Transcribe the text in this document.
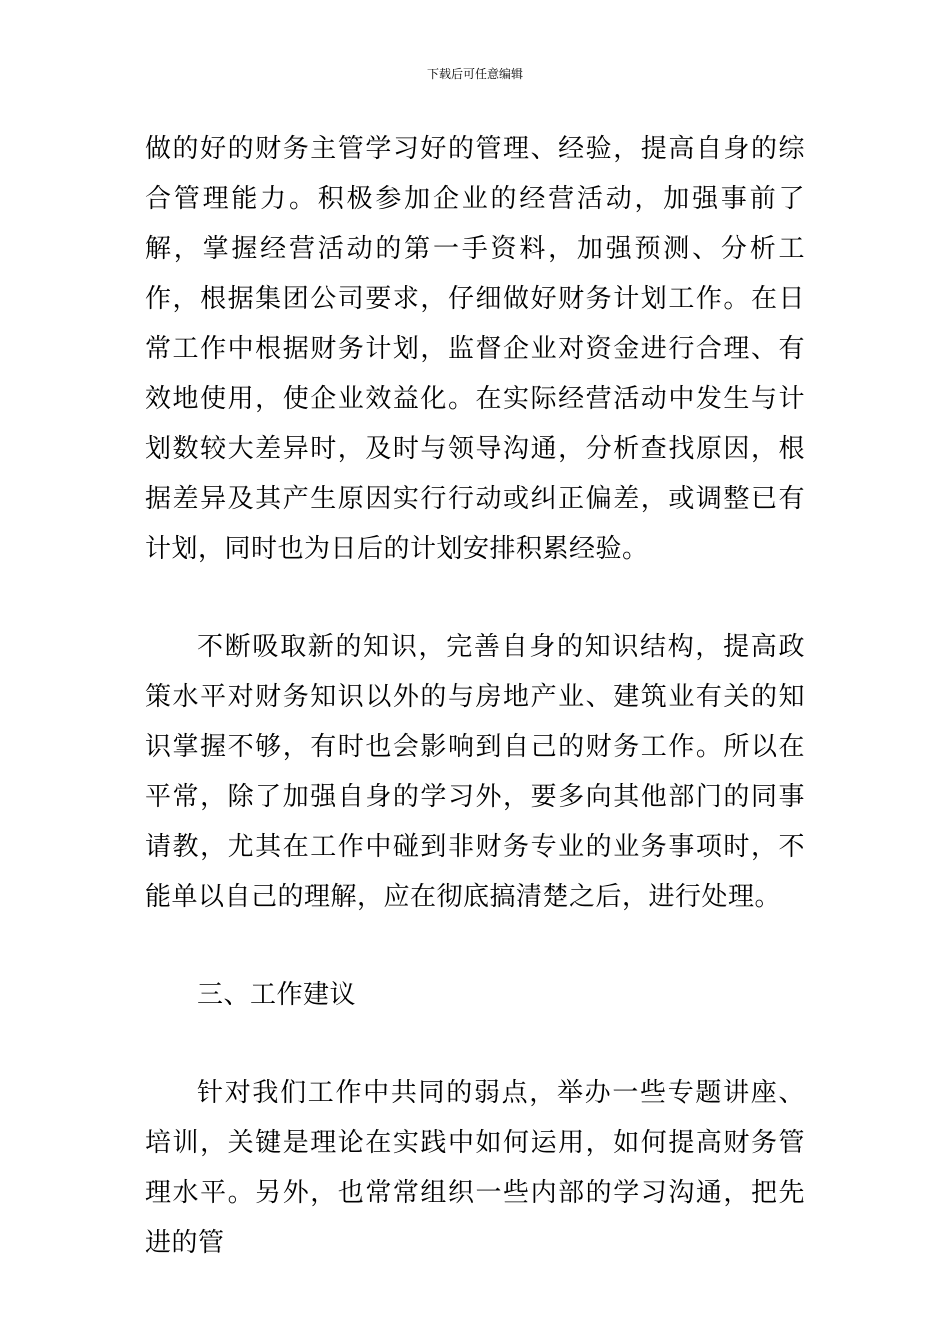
下载后可任意编辑

做的好的财务主管学习好的管理、经验，提高自身的综合管理能力。积极参加企业的经营活动，加强事前了解，掌握经营活动的第一手资料，加强预测、分析工作，根据集团公司要求，仔细做好财务计划工作。在日常工作中根据财务计划，监督企业对资金进行合理、有效地使用，使企业效益化。在实际经营活动中发生与计划数较大差异时，及时与领导沟通，分析查找原因，根据差异及其产生原因实行行动或纠正偏差，或调整已有计划，同时也为日后的计划安排积累经验。

不断吸取新的知识，完善自身的知识结构，提高政策水平对财务知识以外的与房地产业、建筑业有关的知识掌握不够，有时也会影响到自己的财务工作。所以在平常，除了加强自身的学习外，要多向其他部门的同事请教，尤其在工作中碰到非财务专业的业务事项时，不能单以自己的理解，应在彻底搞清楚之后，进行处理。

三、工作建议

针对我们工作中共同的弱点，举办一些专题讲座、培训，关键是理论在实践中如何运用，如何提高财务管理水平。另外，也常常组织一些内部的学习沟通，把先进的管
